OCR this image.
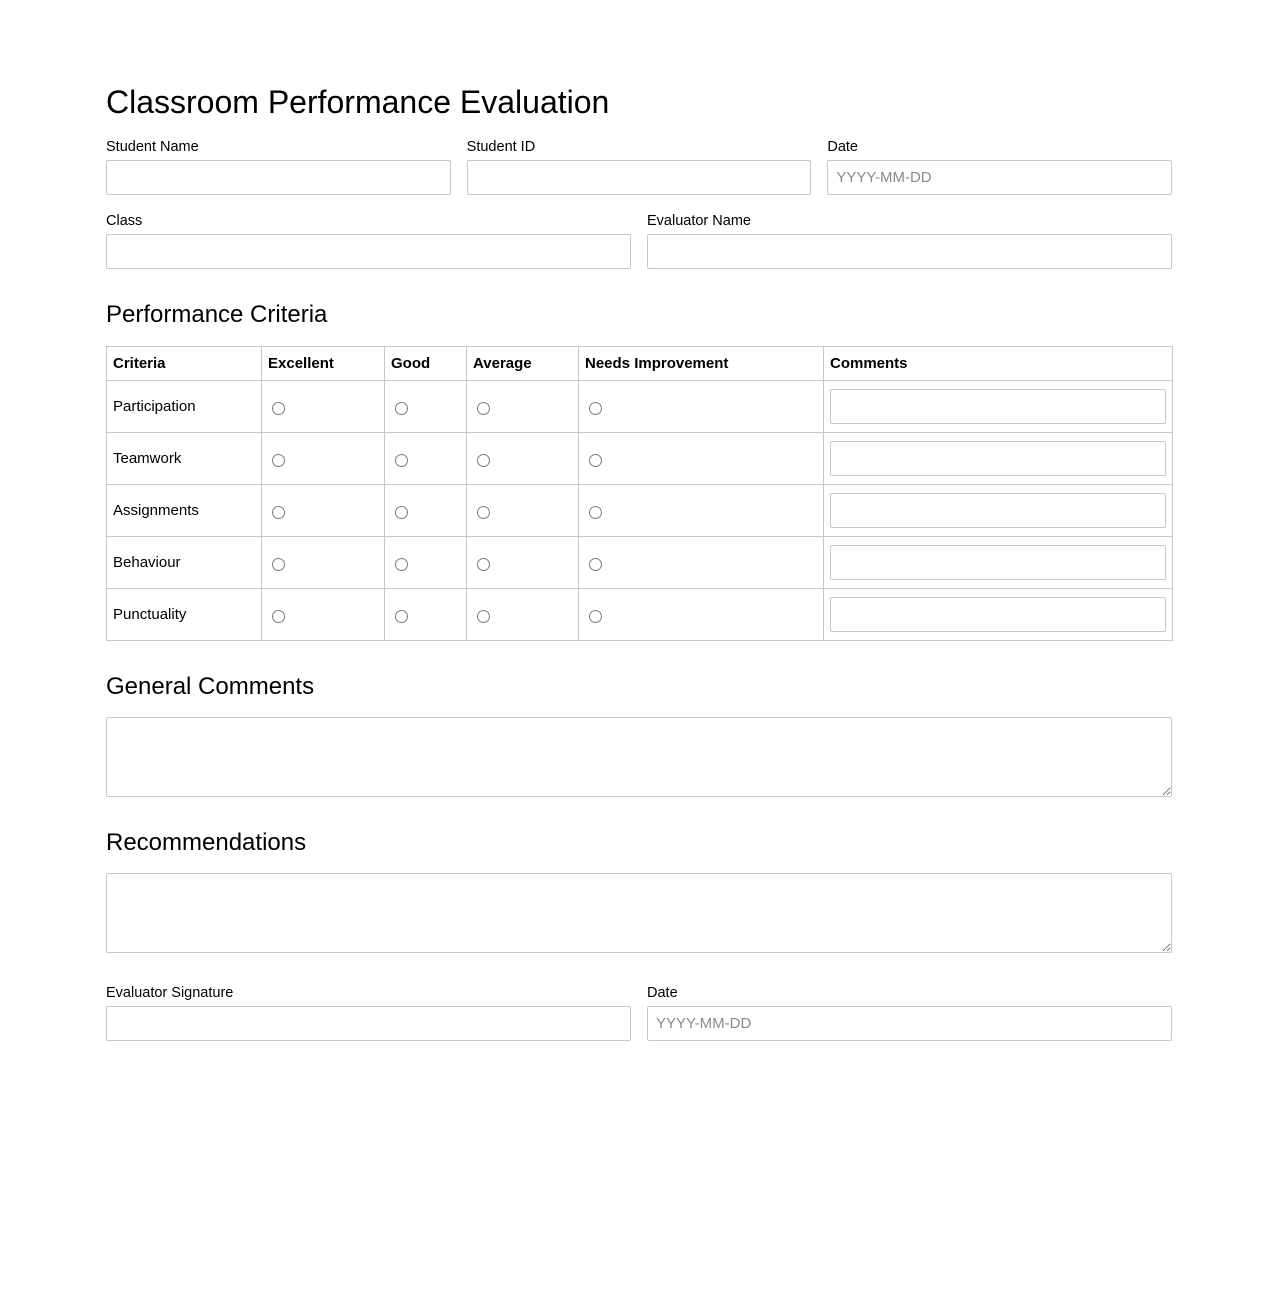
Classroom Performance Evaluation
Student Name	Student ID	Date
YYYY-MM-DD
Class	Evaluator Name
Performance Criteria
Criteria	Excellent	Good	Average	Needs Improvement	Comments
Participation					
Teamwork					
Assignments					
Behaviour					
Punctuality					
General Comments
Recommendations
Evaluator Signature	Date
YYYY-MM-DD
